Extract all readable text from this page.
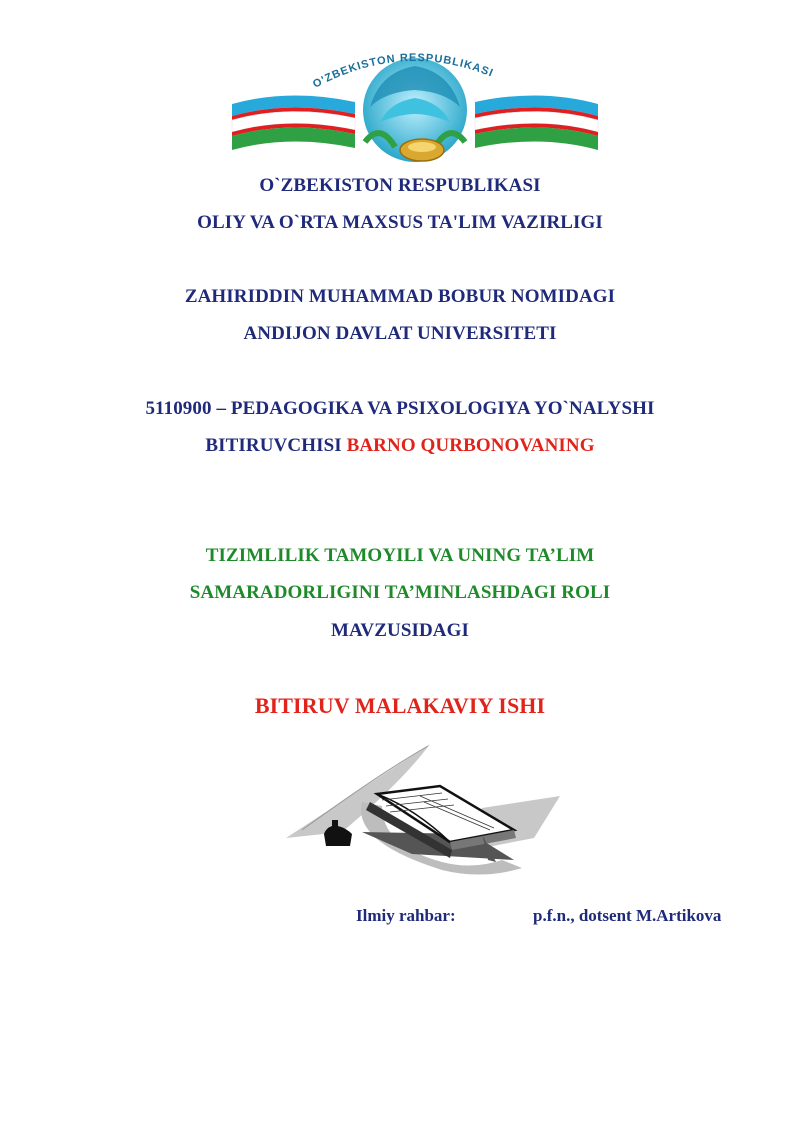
O'ZBEKISTON RESPUBLIKASI
O`ZBEKISTON RESPUBLIKASI
OLIY VA O`RTA MAXSUS TA'LIM VAZIRLIGI
ZAHIRIDDIN MUHAMMAD BOBUR NOMIDAGI
ANDIJON DAVLAT UNIVERSITETI
5110900 – PEDAGOGIKA VA PSIXOLOGIYA YO`NALYSHI
BITIRUVCHISI BARNO QURBONOVANING
TIZIMLILIK TAMOYILI VA UNING TA’LIM
SAMARADORLIGINI TA’MINLASHDAGI ROLI
MAVZUSIDAGI
BITIRUV MALAKAVIY ISHI
Ilmiy rahbar:	p.f.n., dotsent M.Artikova
